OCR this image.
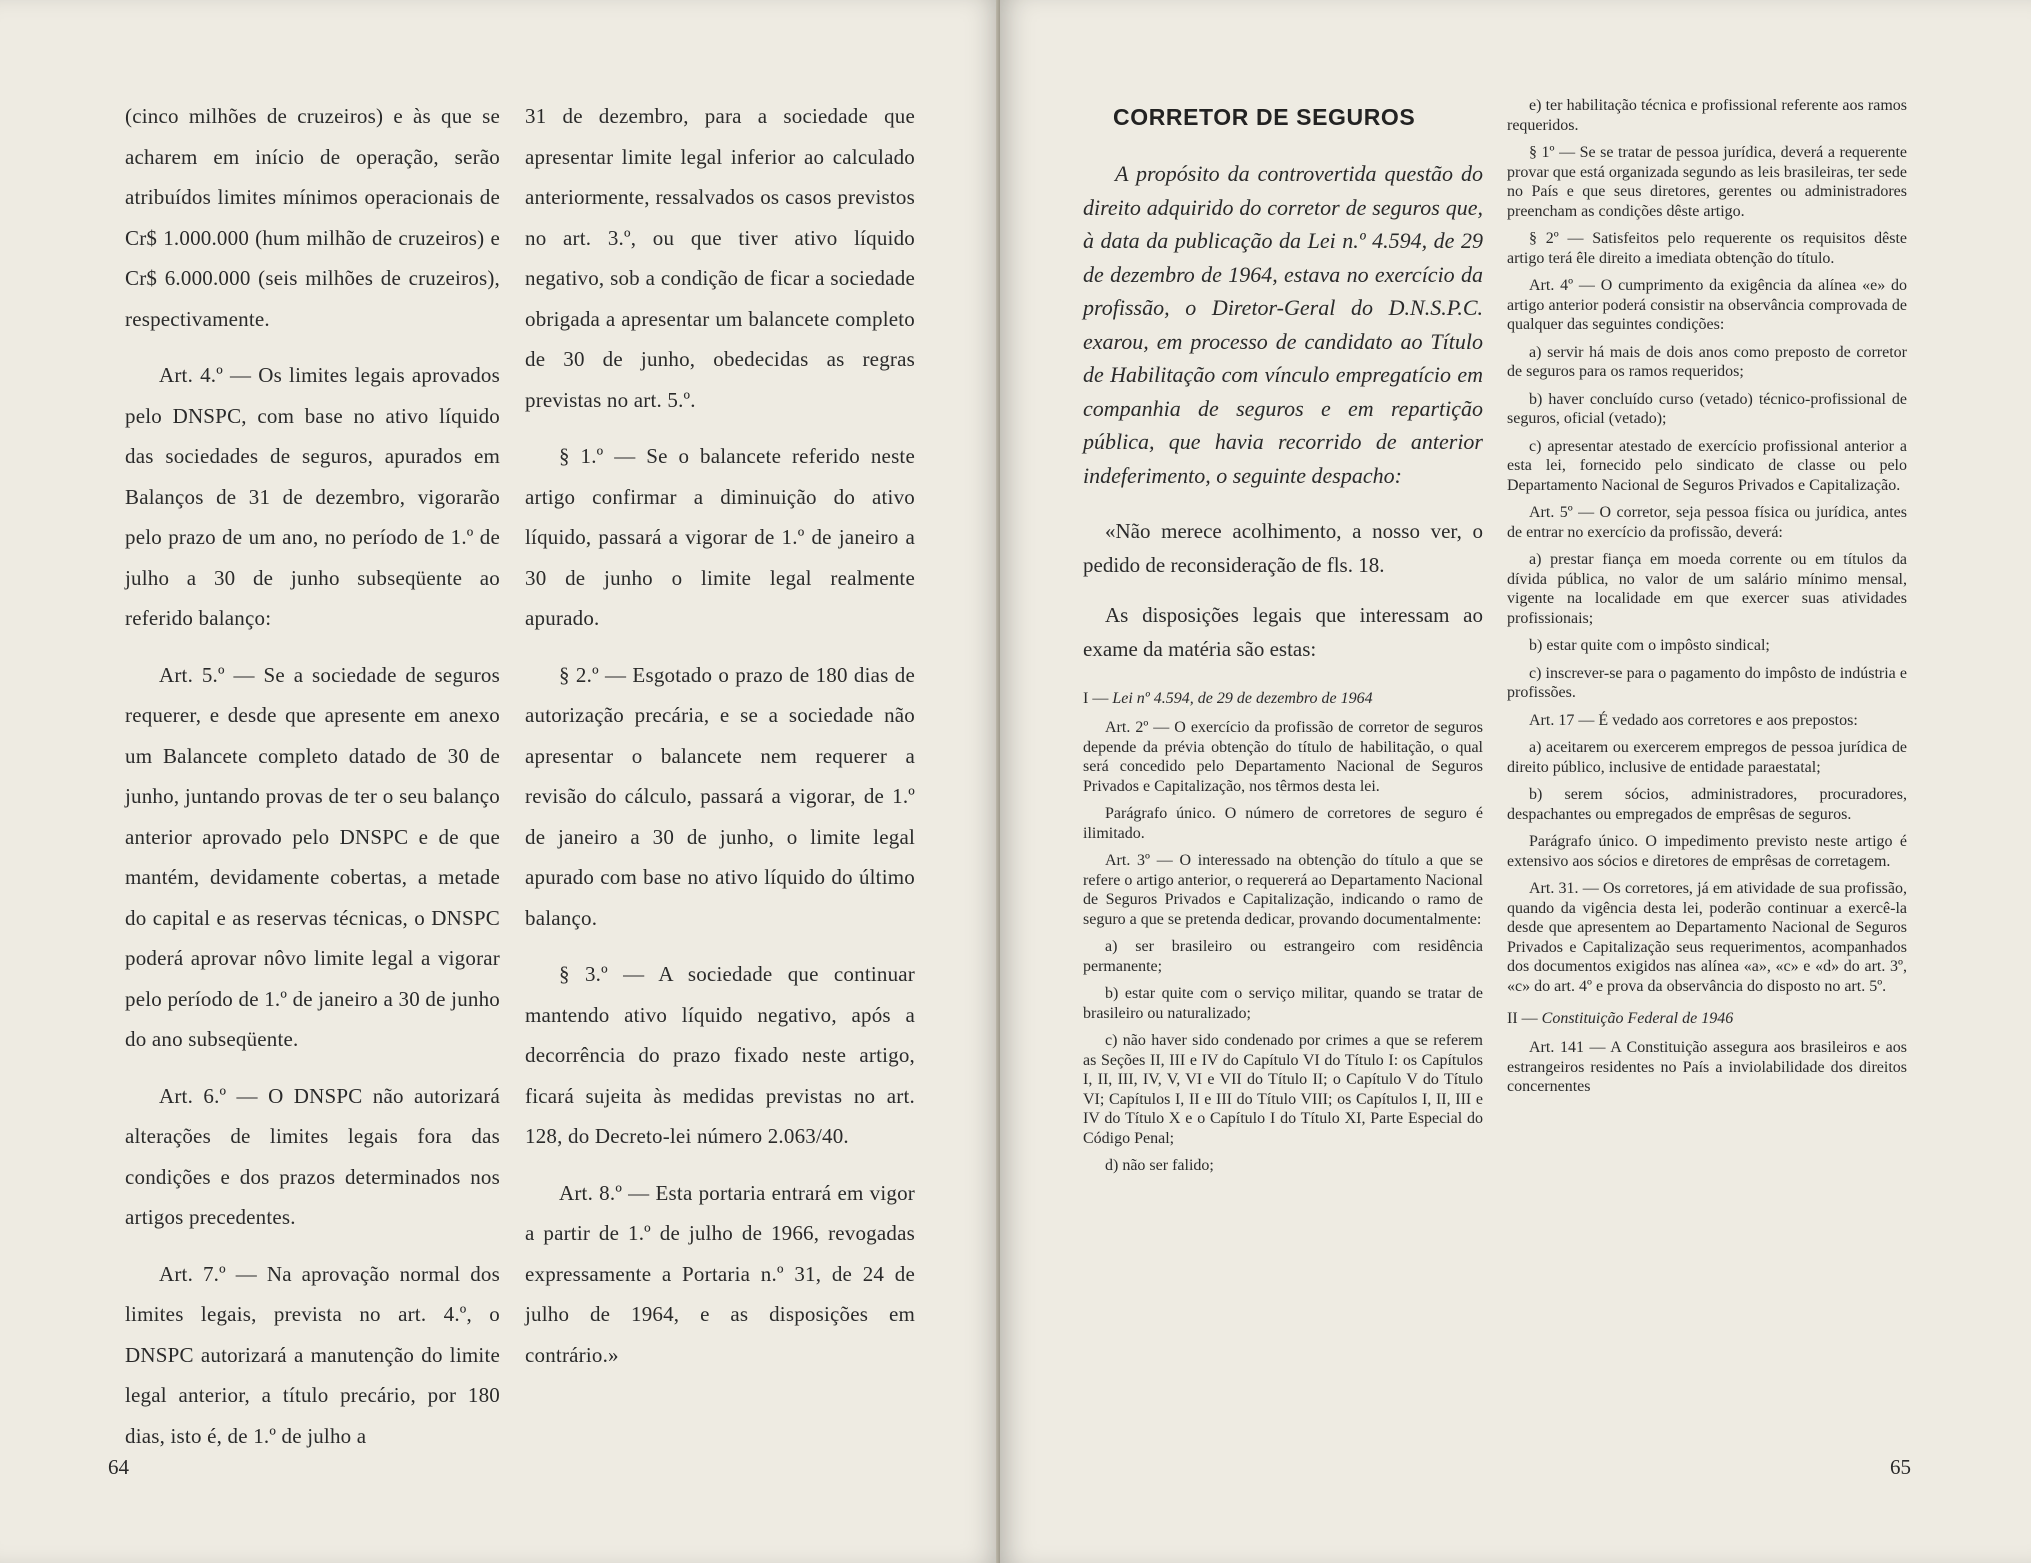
(cinco milhões de cruzeiros) e às que se acharem em início de operação, serão atribuídos limites mínimos operacionais de Cr$ 1.000.000 (hum milhão de cruzeiros) e Cr$ 6.000.000 (seis milhões de cruzeiros), respectivamente.

Art. 4.º — Os limites legais aprovados pelo DNSPC, com base no ativo líquido das sociedades de seguros, apurados em Balanços de 31 de dezembro, vigorarão pelo prazo de um ano, no período de 1.º de julho a 30 de junho subseqüente ao referido balanço:

Art. 5.º — Se a sociedade de seguros requerer, e desde que apresente em anexo um Balancete completo datado de 30 de junho, juntando provas de ter o seu balanço anterior aprovado pelo DNSPC e de que mantém, devidamente cobertas, a metade do capital e as reservas técnicas, o DNSPC poderá aprovar nôvo limite legal a vigorar pelo período de 1.º de janeiro a 30 de junho do ano subseqüente.

Art. 6.º — O DNSPC não autorizará alterações de limites legais fora das condições e dos prazos determinados nos artigos precedentes.

Art. 7.º — Na aprovação normal dos limites legais, prevista no art. 4.º, o DNSPC autorizará a manutenção do limite legal anterior, a título precário, por 180 dias, isto é, de 1.º de julho a

31 de dezembro, para a sociedade que apresentar limite legal inferior ao calculado anteriormente, ressalvados os casos previstos no art. 3.º, ou que tiver ativo líquido negativo, sob a condição de ficar a sociedade obrigada a apresentar um balancete completo de 30 de junho, obedecidas as regras previstas no art. 5.º.

§ 1.º — Se o balancete referido neste artigo confirmar a diminuição do ativo líquido, passará a vigorar de 1.º de janeiro a 30 de junho o limite legal realmente apurado.

§ 2.º — Esgotado o prazo de 180 dias de autorização precária, e se a sociedade não apresentar o balancete nem requerer a revisão do cálculo, passará a vigorar, de 1.º de janeiro a 30 de junho, o limite legal apurado com base no ativo líquido do último balanço.

§ 3.º — A sociedade que continuar mantendo ativo líquido negativo, após a decorrência do prazo fixado neste artigo, ficará sujeita às medidas previstas no art. 128, do Decreto-lei número 2.063/40.

Art. 8.º — Esta portaria entrará em vigor a partir de 1.º de julho de 1966, revogadas expressamente a Portaria n.º 31, de 24 de julho de 1964, e as disposições em contrário.»

64
CORRETOR DE SEGUROS

A propósito da controvertida questão do direito adquirido do corretor de seguros que, à data da publicação da Lei n.º 4.594, de 29 de dezembro de 1964, estava no exercício da profissão, o Diretor-Geral do D.N.S.P.C. exarou, em processo de candidato ao Título de Habilitação com vínculo empregatício em companhia de seguros e em repartição pública, que havia recorrido de anterior indeferimento, o seguinte despacho:

«Não merece acolhimento, a nosso ver, o pedido de reconsideração de fls. 18.

As disposições legais que interessam ao exame da matéria são estas:

I — Lei nº 4.594, de 29 de dezembro de 1964

Art. 2º — O exercício da profissão de corretor de seguros depende da prévia obtenção do título de habilitação, o qual será concedido pelo Departamento Nacional de Seguros Privados e Capitalização, nos têrmos desta lei.

Parágrafo único. O número de corretores de seguro é ilimitado.

Art. 3º — O interessado na obtenção do título a que se refere o artigo anterior, o requererá ao Departamento Nacional de Seguros Privados e Capitalização, indicando o ramo de seguro a que se pretenda dedicar, provando documentalmente:

a) ser brasileiro ou estrangeiro com residência permanente;

b) estar quite com o serviço militar, quando se tratar de brasileiro ou naturalizado;

c) não haver sido condenado por crimes a que se referem as Seções II, III e IV do Capítulo VI do Título I: os Capítulos I, II, III, IV, V, VI e VII do Título II; o Capítulo V do Título VI; Capítulos I, II e III do Título VIII; os Capítulos I, II, III e IV do Título X e o Capítulo I do Título XI, Parte Especial do Código Penal;

d) não ser falido;

e) ter habilitação técnica e profissional referente aos ramos requeridos.

§ 1º — Se se tratar de pessoa jurídica, deverá a requerente provar que está organizada segundo as leis brasileiras, ter sede no País e que seus diretores, gerentes ou administradores preencham as condições dêste artigo.

§ 2º — Satisfeitos pelo requerente os requisitos dêste artigo terá êle direito a imediata obtenção do título.

Art. 4º — O cumprimento da exigência da alínea «e» do artigo anterior poderá consistir na observância comprovada de qualquer das seguintes condições:

a) servir há mais de dois anos como preposto de corretor de seguros para os ramos requeridos;

b) haver concluído curso (vetado) técnico-profissional de seguros, oficial (vetado);

c) apresentar atestado de exercício profissional anterior a esta lei, fornecido pelo sindicato de classe ou pelo Departamento Nacional de Seguros Privados e Capitalização.

Art. 5º — O corretor, seja pessoa física ou jurídica, antes de entrar no exercício da profissão, deverá:

a) prestar fiança em moeda corrente ou em títulos da dívida pública, no valor de um salário mínimo mensal, vigente na localidade em que exercer suas atividades profissionais;

b) estar quite com o impôsto sindical;

c) inscrever-se para o pagamento do impôsto de indústria e profissões.

Art. 17 — É vedado aos corretores e aos prepostos:

a) aceitarem ou exercerem empregos de pessoa jurídica de direito público, inclusive de entidade paraestatal;

b) serem sócios, administradores, procuradores, despachantes ou empregados de emprêsas de seguros.

Parágrafo único. O impedimento previsto neste artigo é extensivo aos sócios e diretores de emprêsas de corretagem.

Art. 31. — Os corretores, já em atividade de sua profissão, quando da vigência desta lei, poderão continuar a exercê-la desde que apresentem ao Departamento Nacional de Seguros Privados e Capitalização seus requerimentos, acompanhados dos documentos exigidos nas alínea «a», «c» e «d» do art. 3º, «c» do art. 4º e prova da observância do disposto no art. 5º.

II — Constituição Federal de 1946

Art. 141 — A Constituição assegura aos brasileiros e aos estrangeiros residentes no País a inviolabilidade dos direitos concernentes

65
